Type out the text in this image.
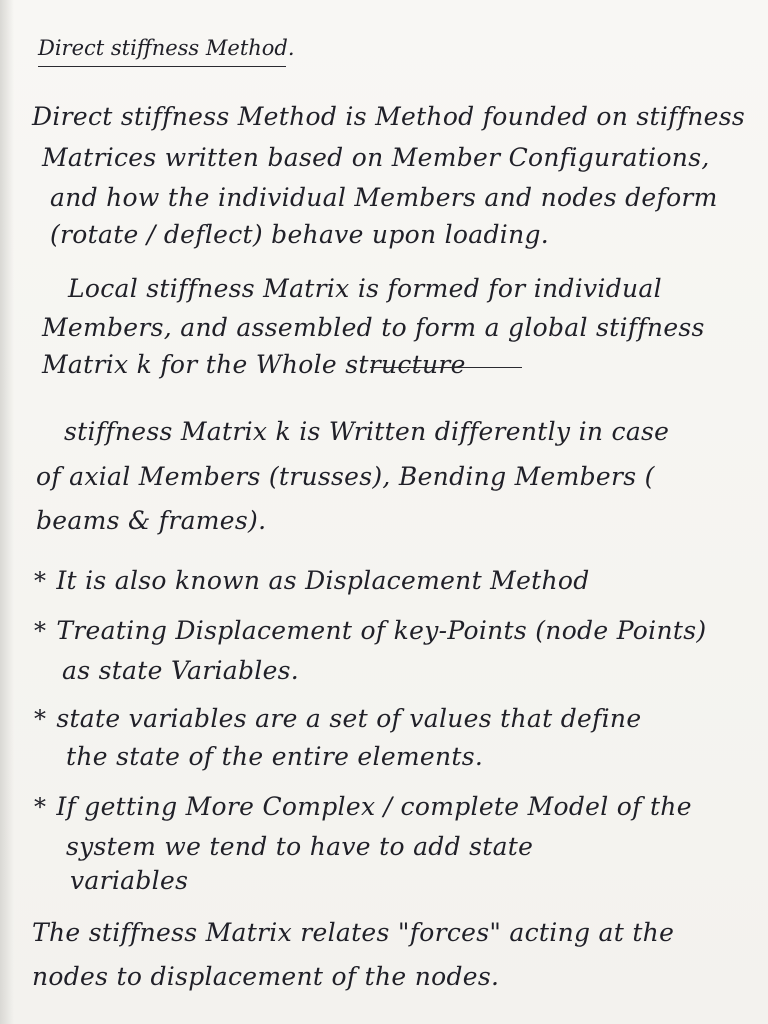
Direct stiffness Method.
Direct stiffness Method is Method founded on stiffness
Matrices written based on Member Configurations,
and how the individual Members and nodes deform
(rotate / deflect) behave upon loading.
Local stiffness Matrix is formed for individual
Members, and assembled to form a global stiffness
Matrix k for the Whole structure
stiffness Matrix k is Written differently in case
of axial Members (trusses), Bending Members (
beams & frames).
* It is also known as Displacement Method
* Treating Displacement of key-Points (node Points)
as state Variables.
* state variables are a set of values that define
the state of the entire elements.
* If getting More Complex / complete Model of the
system we tend to have to add state
variables
The stiffness Matrix relates "forces" acting at the
nodes to displacement of the nodes.
